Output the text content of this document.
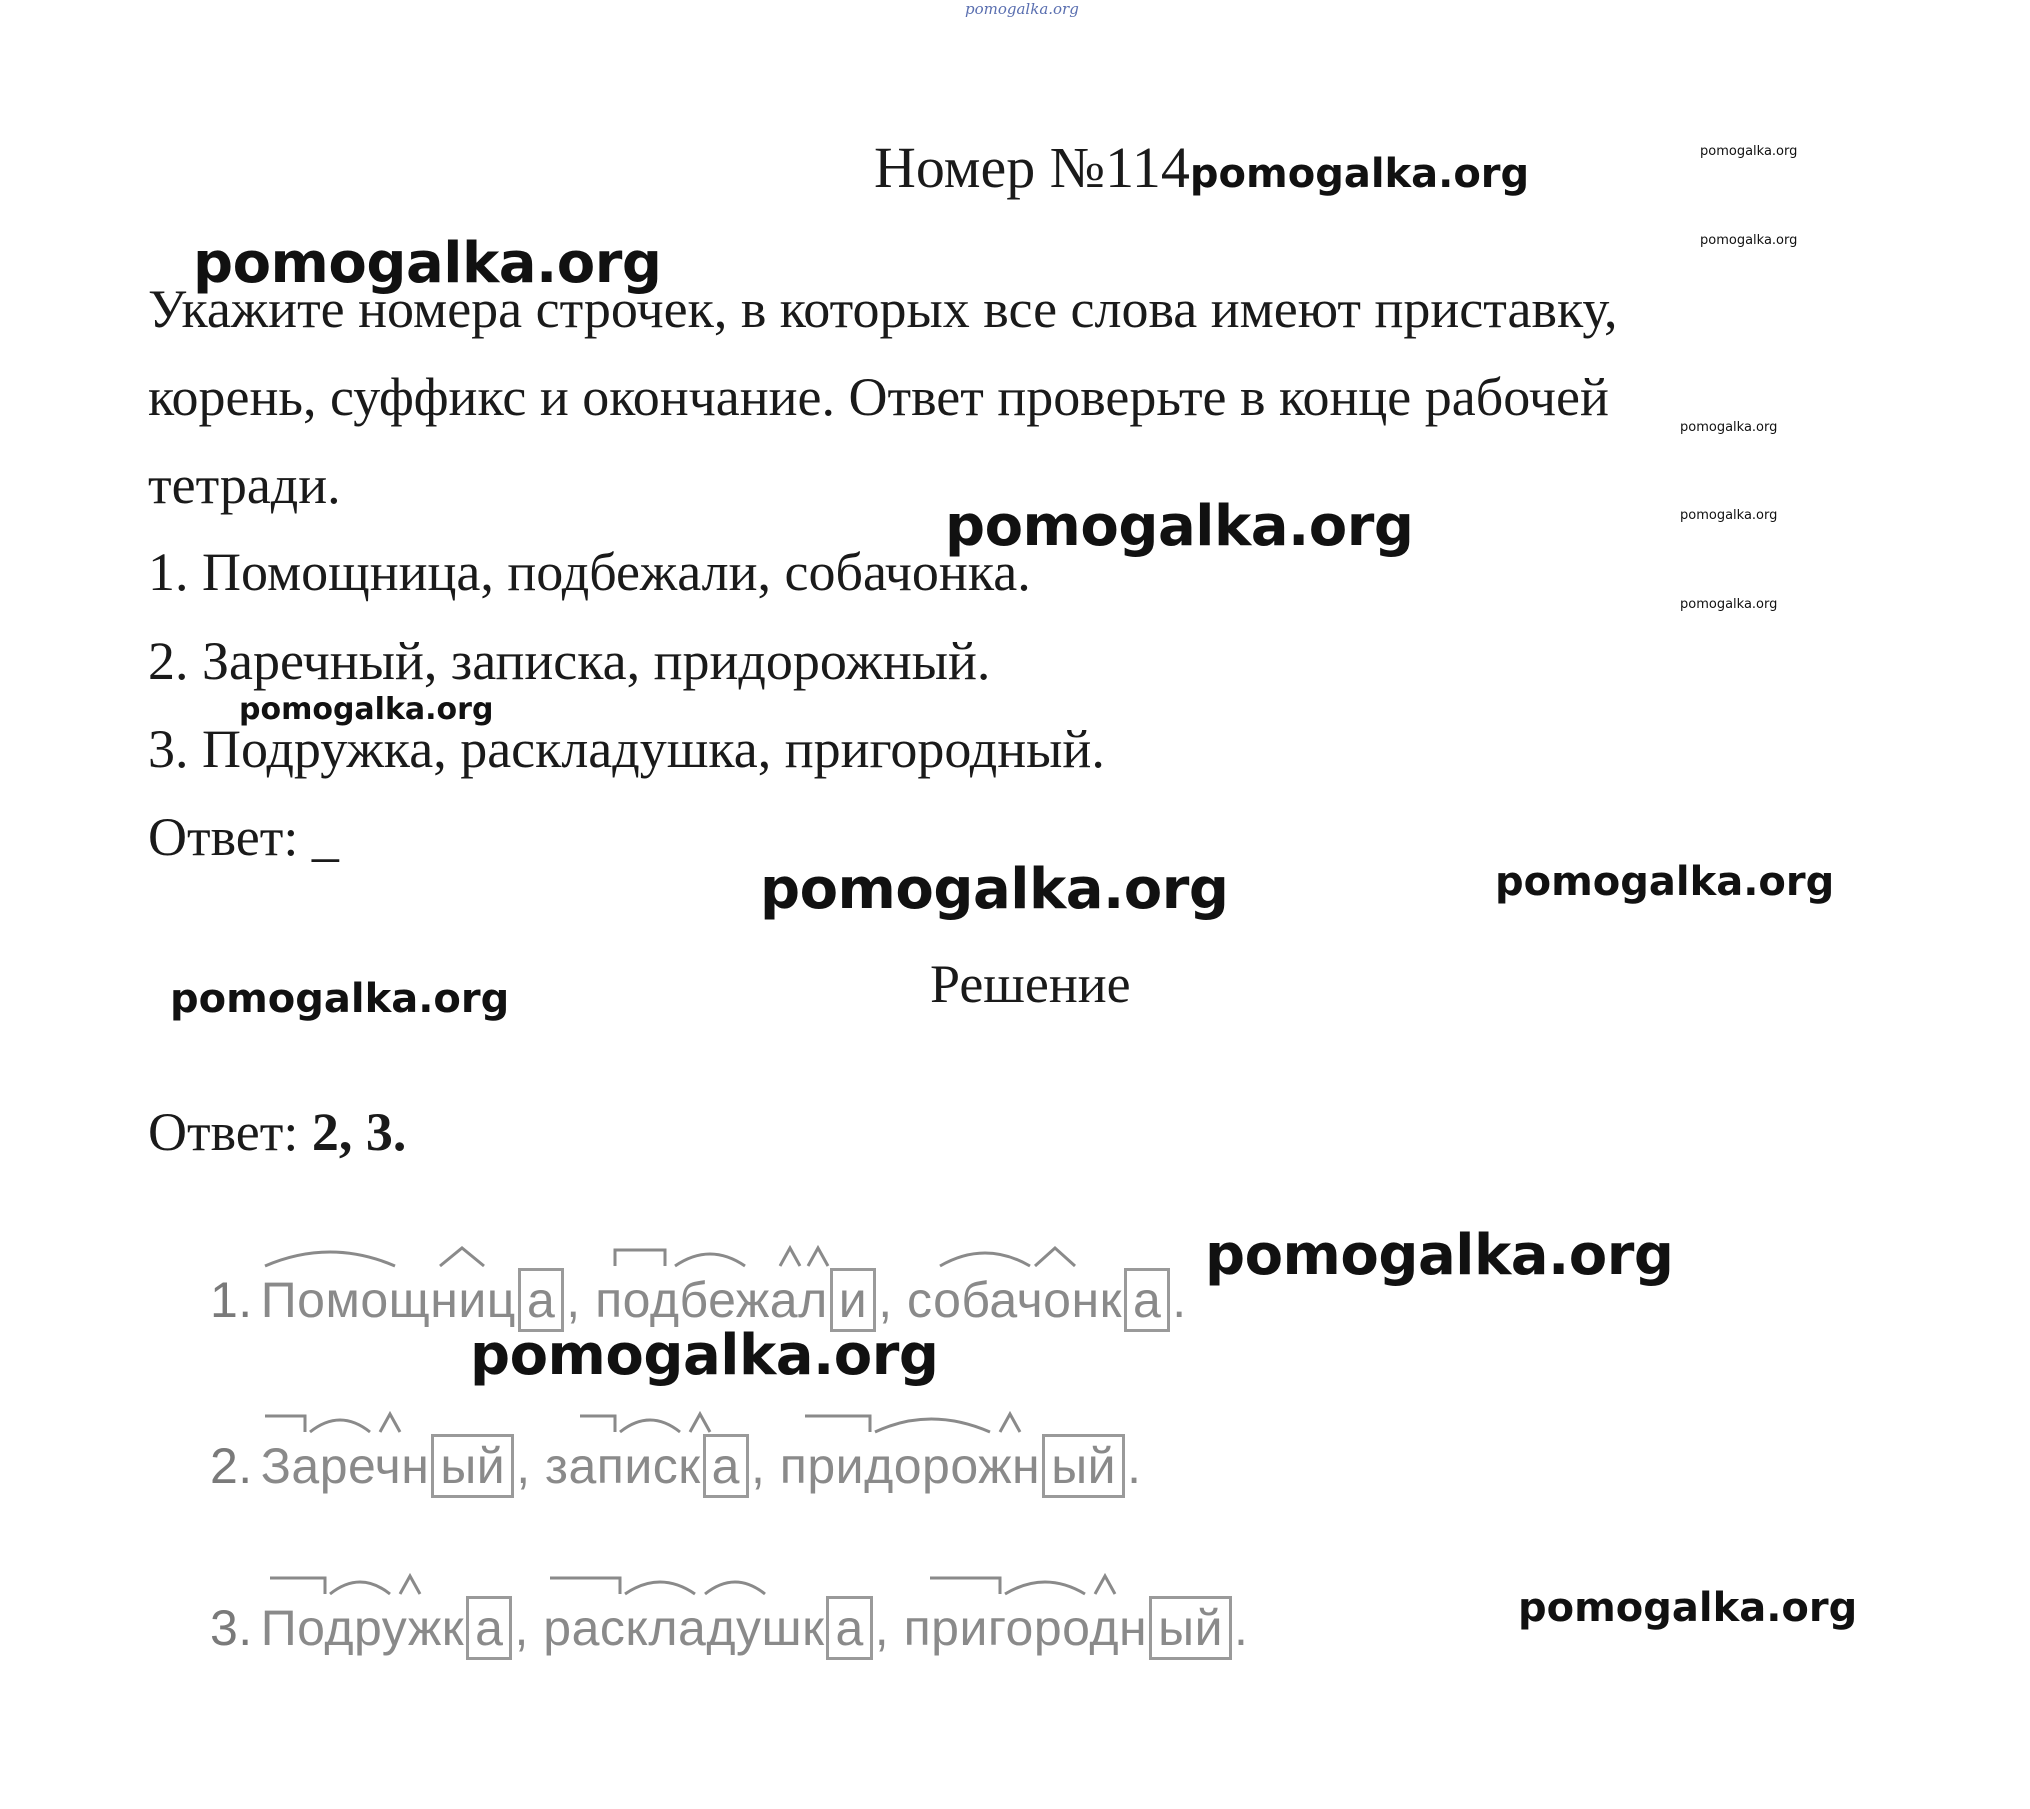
pomogalka.org
Номер №114pomogalka.org	pomogalka.org
pomogalka.org
pomogalka.org
pomogalka.org
pomogalka.org
pomogalka.org
Укажите номера строчек, в которых все слова имеют приставку,
корень, суффикс и окончание. Ответ проверьте в конце рабочей
тетради.
pomogalka.org
1. Помощница, подбежали, собачонка.
2. Заречный, записка, придорожный.
pomogalka.org
3. Подружка, раскладушка, пригородный.
Ответ: _
pomogalka.org	pomogalka.org
Решение
pomogalka.org
Ответ: 2, 3.
1. Помощниц а , подбежал и , собачонк а .
pomogalka.org
pomogalka.org
2. Заречн ый , записк а , придорожн ый .
3. Подружк а , раскладушк а , пригородн ый .	pomogalka.org
